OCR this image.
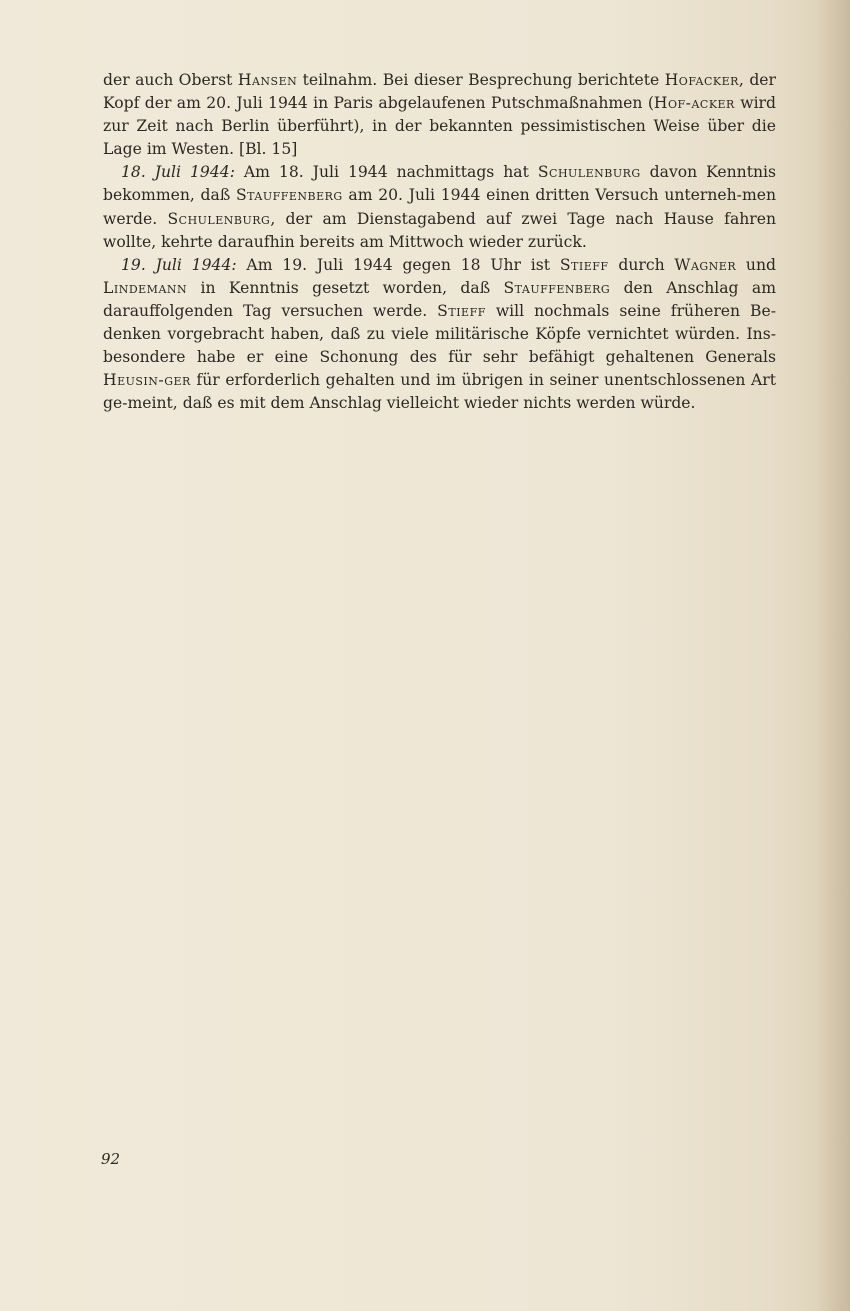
der auch Oberst Hansen teilnahm. Bei dieser Besprechung berichtete Hofacker, der Kopf der am 20. Juli 1944 in Paris abgelaufenen Putschmaßnahmen (Hof-acker wird zur Zeit nach Berlin überführt), in der bekannten pessimistischen Weise über die Lage im Westen. [Bl. 15]

18. Juli 1944: Am 18. Juli 1944 nachmittags hat Schulenburg davon Kenntnis bekommen, daß Stauffenberg am 20. Juli 1944 einen dritten Versuch unterneh-men werde. Schulenburg, der am Dienstagabend auf zwei Tage nach Hause fahren wollte, kehrte daraufhin bereits am Mittwoch wieder zurück.

19. Juli 1944: Am 19. Juli 1944 gegen 18 Uhr ist Stieff durch Wagner und Lindemann in Kenntnis gesetzt worden, daß Stauffenberg den Anschlag am darauffolgenden Tag versuchen werde. Stieff will nochmals seine früheren Be-denken vorgebracht haben, daß zu viele militärische Köpfe vernichtet würden. Ins-besondere habe er eine Schonung des für sehr befähigt gehaltenen Generals Heusin-ger für erforderlich gehalten und im übrigen in seiner unentschlossenen Art ge-meint, daß es mit dem Anschlag vielleicht wieder nichts werden würde.

92
